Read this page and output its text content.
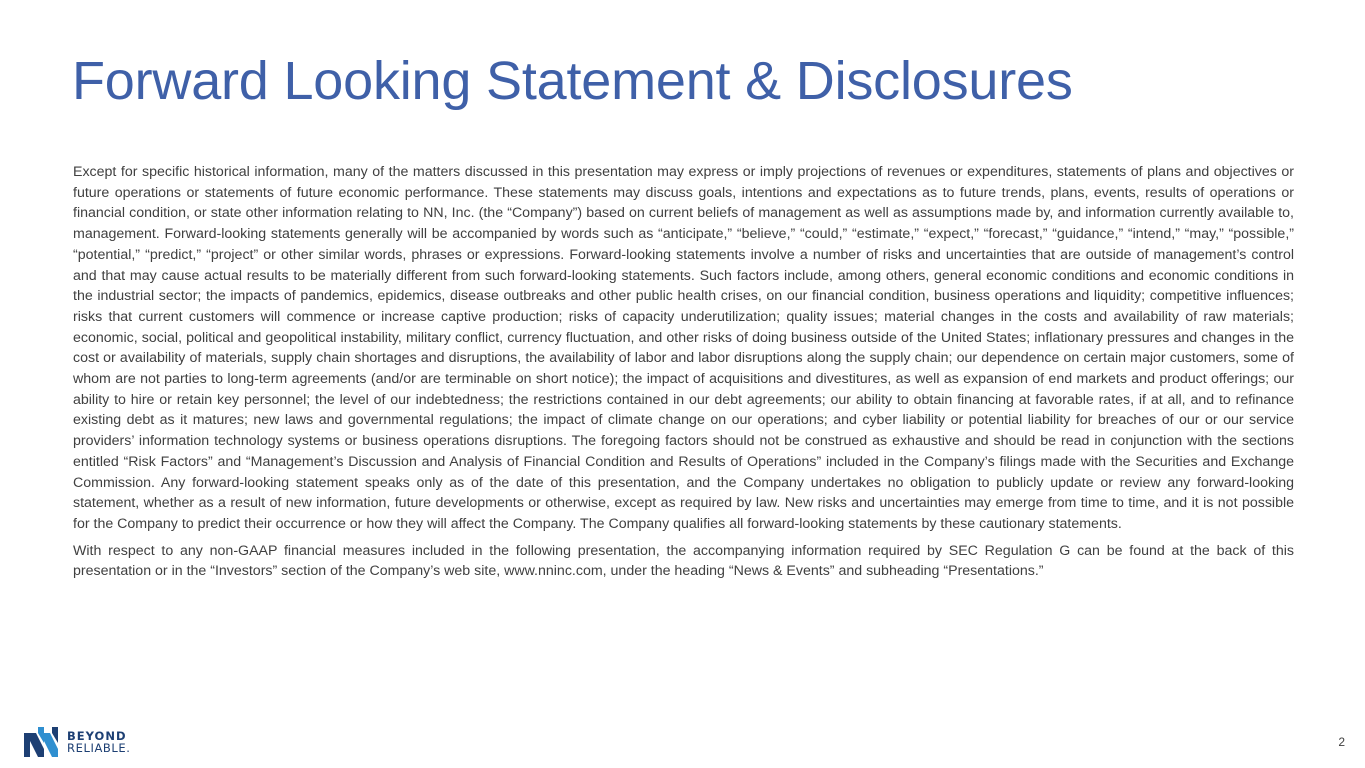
Forward Looking Statement & Disclosures

Except for specific historical information, many of the matters discussed in this presentation may express or imply projections of revenues or expenditures, statements of plans and objectives or future operations or statements of future economic performance. These statements may discuss goals, intentions and expectations as to future trends, plans, events, results of operations or financial condition, or state other information relating to NN, Inc. (the “Company”) based on current beliefs of management as well as assumptions made by, and information currently available to, management. Forward-looking statements generally will be accompanied by words such as “anticipate,” “believe,” “could,” “estimate,” “expect,” “forecast,” “guidance,” “intend,” “may,” “possible,” “potential,” “predict,” “project” or other similar words, phrases or expressions. Forward-looking statements involve a number of risks and uncertainties that are outside of management’s control and that may cause actual results to be materially different from such forward-looking statements. Such factors include, among others, general economic conditions and economic conditions in the industrial sector; the impacts of pandemics, epidemics, disease outbreaks and other public health crises, on our financial condition, business operations and liquidity; competitive influences; risks that current customers will commence or increase captive production; risks of capacity underutilization; quality issues; material changes in the costs and availability of raw materials; economic, social, political and geopolitical instability, military conflict, currency fluctuation, and other risks of doing business outside of the United States; inflationary pressures and changes in the cost or availability of materials, supply chain shortages and disruptions, the availability of labor and labor disruptions along the supply chain; our dependence on certain major customers, some of whom are not parties to long-term agreements (and/or are terminable on short notice); the impact of acquisitions and divestitures, as well as expansion of end markets and product offerings; our ability to hire or retain key personnel; the level of our indebtedness; the restrictions contained in our debt agreements; our ability to obtain financing at favorable rates, if at all, and to refinance existing debt as it matures; new laws and governmental regulations; the impact of climate change on our operations; and cyber liability or potential liability for breaches of our or our service providers’ information technology systems or business operations disruptions. The foregoing factors should not be construed as exhaustive and should be read in conjunction with the sections entitled “Risk Factors” and “Management’s Discussion and Analysis of Financial Condition and Results of Operations” included in the Company’s filings made with the Securities and Exchange Commission. Any forward-looking statement speaks only as of the date of this presentation, and the Company undertakes no obligation to publicly update or review any forward-looking statement, whether as a result of new information, future developments or otherwise, except as required by law. New risks and uncertainties may emerge from time to time, and it is not possible for the Company to predict their occurrence or how they will affect the Company. The Company qualifies all forward-looking statements by these cautionary statements.

With respect to any non-GAAP financial measures included in the following presentation, the accompanying information required by SEC Regulation G can be found at the back of this presentation or in the “Investors” section of the Company’s web site, www.nninc.com, under the heading “News & Events” and subheading “Presentations.”

BEYOND
RELIABLE.	2
